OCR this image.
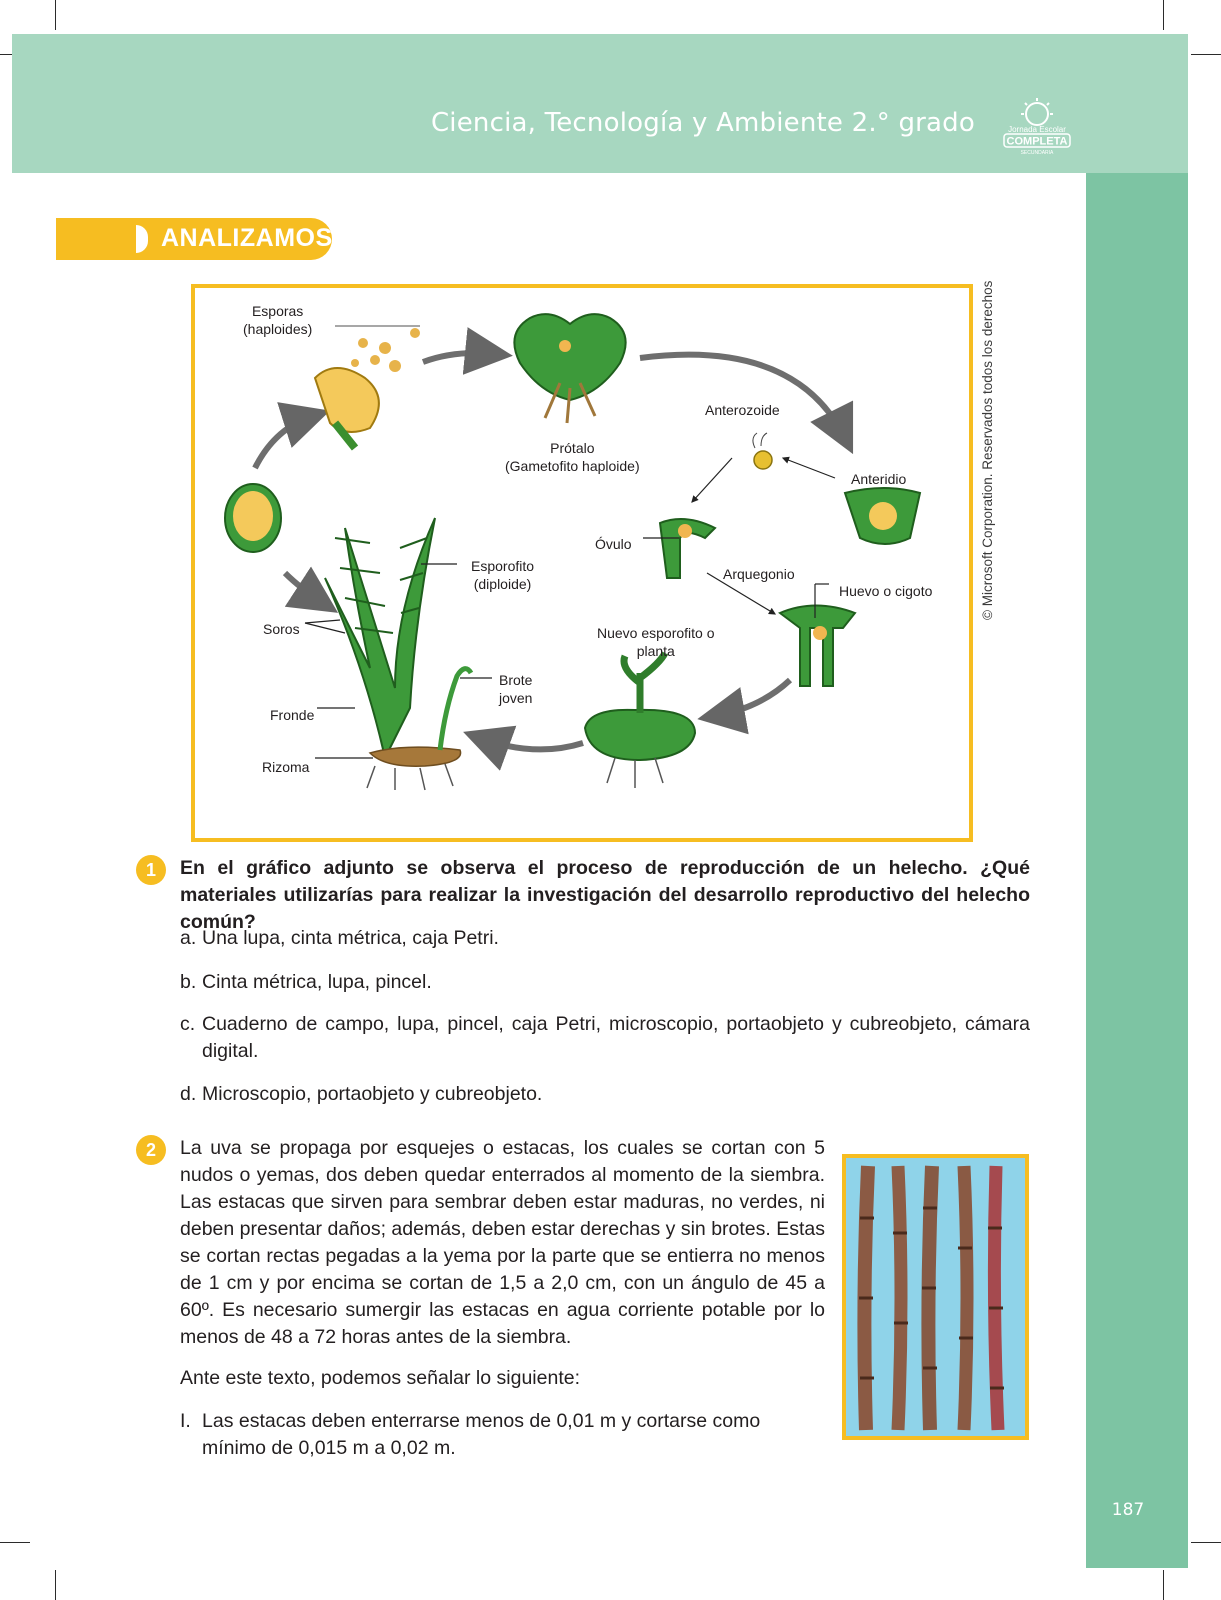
Ciencia, Tecnología y Ambiente 2.° grado	Jornada Escolar
COMPLETA
SECUNDARIA
187
ANALIZAMOS
Esporas
(haploides)
Prótalo
(Gametofito haploide)
Anterozoide
Anteridio
Óvulo
Esporofito
(diploide)
Arquegonio
Huevo o cigoto
Soros	Nuevo esporofito o
planta
Brote
joven
Fronde
Rizoma
© Microsoft Corporation. Reservados todos los derechos
1	En el gráfico adjunto se observa el proceso de reproducción de un helecho. ¿Qué materiales utilizarías para realizar la investigación del desarrollo reproductivo del helecho común?
a. Una lupa, cinta métrica, caja Petri.
b. Cinta métrica, lupa, pincel.
c. Cuaderno de campo, lupa, pincel, caja Petri, microscopio, portaobjeto y cubreobjeto, cámara digital.
d. Microscopio, portaobjeto y cubreobjeto.
2	La uva se propaga por esquejes o estacas, los cuales se cortan con 5 nudos o yemas, dos deben quedar enterrados al momento de la siembra. Las estacas que sirven para sembrar deben estar maduras, no verdes, ni deben presentar daños; además, deben estar derechas y sin brotes. Estas se cortan rectas pegadas a la yema por la parte que se entierra no menos de 1 cm y por encima se cortan de 1,5 a 2,0 cm, con un ángulo de 45 a 60º. Es necesario sumergir las estacas en agua corriente potable por lo menos de 48 a 72 horas antes de la siembra.
Ante este texto, podemos señalar lo siguiente:
I. Las estacas deben enterrarse menos de 0,01 m y cortarse como mínimo de 0,015 m a 0,02 m.
